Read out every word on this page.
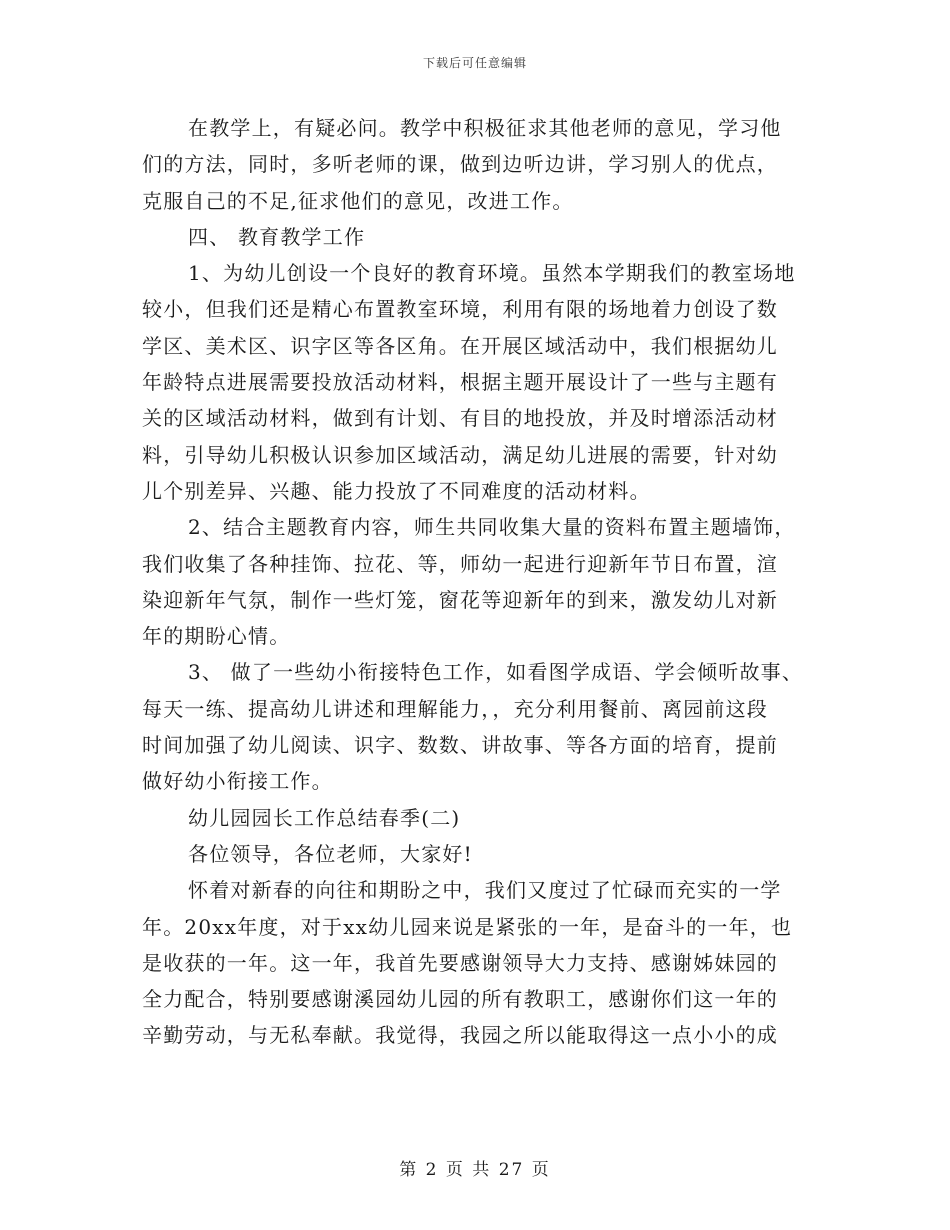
下载后可任意编辑
在教学上，有疑必问。教学中积极征求其他老师的意见，学习他
们的方法，同时，多听老师的课，做到边听边讲，学习别人的优点，
克服自己的不足,征求他们的意见，改进工作。
四、 教育教学工作
1、为幼儿创设一个良好的教育环境。虽然本学期我们的教室场地
较小，但我们还是精心布置教室环境，利用有限的场地着力创设了数
学区、美术区、识字区等各区角。在开展区域活动中，我们根据幼儿
年龄特点进展需要投放活动材料，根据主题开展设计了一些与主题有
关的区域活动材料，做到有计划、有目的地投放，并及时增添活动材
料，引导幼儿积极认识参加区域活动，满足幼儿进展的需要，针对幼
儿个别差异、兴趣、能力投放了不同难度的活动材料。
2、结合主题教育内容，师生共同收集大量的资料布置主题墙饰，
我们收集了各种挂饰、拉花、等，师幼一起进行迎新年节日布置，渲
染迎新年气氛，制作一些灯笼，窗花等迎新年的到来，激发幼儿对新
年的期盼心情。
3、 做了一些幼小衔接特色工作，如看图学成语、学会倾听故事、
每天一练、提高幼儿讲述和理解能力，，充分利用餐前、离园前这段
时间加强了幼儿阅读、识字、数数、讲故事、等各方面的培育，提前
做好幼小衔接工作。
幼儿园园长工作总结春季(二)
各位领导，各位老师，大家好!
怀着对新春的向往和期盼之中，我们又度过了忙碌而充实的一学
年。20xx年度，对于xx幼儿园来说是紧张的一年，是奋斗的一年，也
是收获的一年。这一年，我首先要感谢领导大力支持、感谢姊妹园的
全力配合，特别要感谢溪园幼儿园的所有教职工，感谢你们这一年的
辛勤劳动，与无私奉献。我觉得，我园之所以能取得这一点小小的成
第 2 页 共 27 页
